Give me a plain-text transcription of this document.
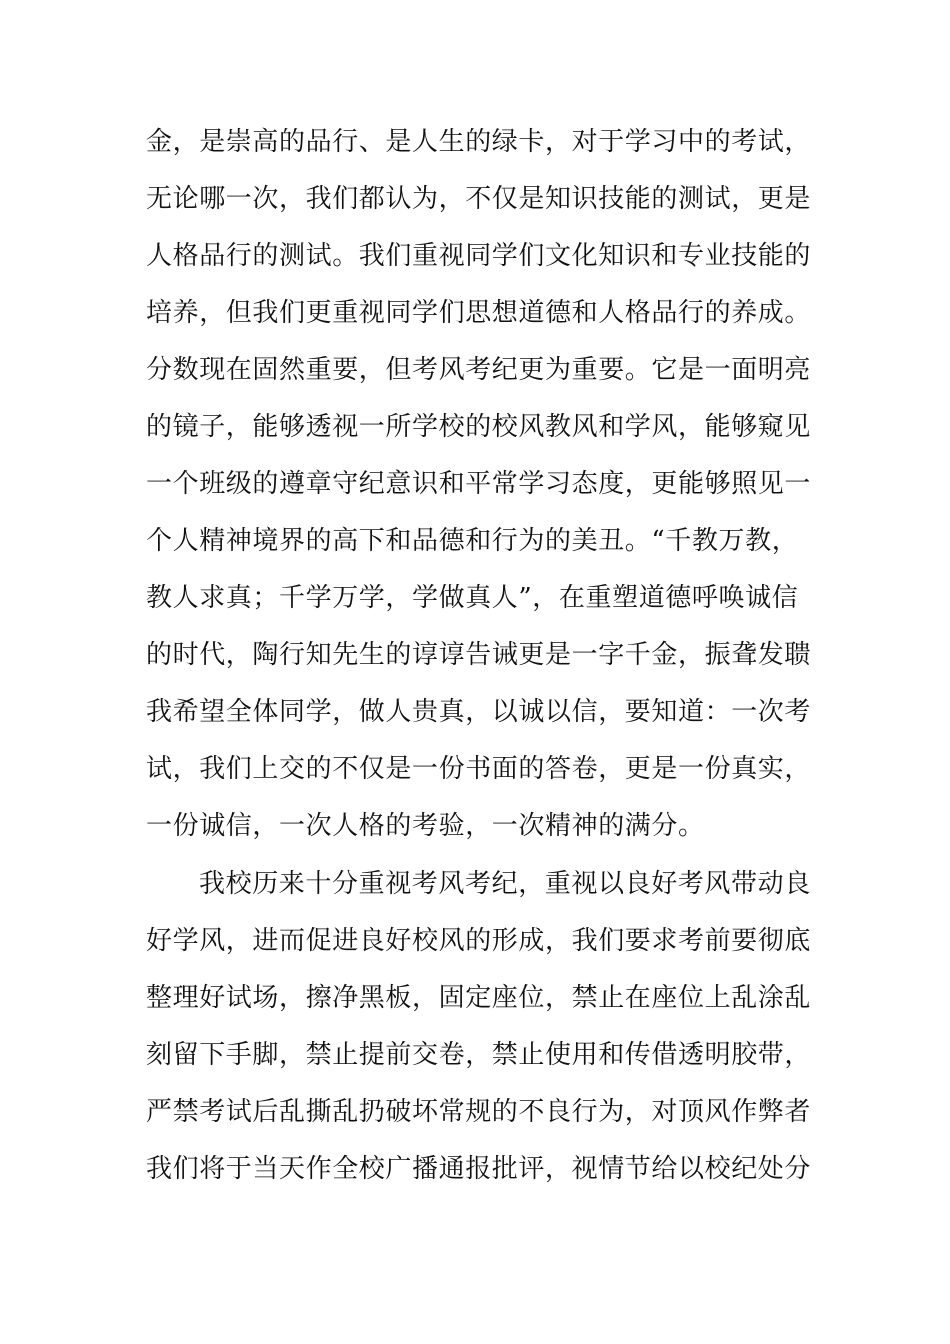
金，是崇高的品行、是人生的绿卡，对于学习中的考试，
无论哪一次，我们都认为，不仅是知识技能的测试，更是
人格品行的测试。我们重视同学们文化知识和专业技能的
培养，但我们更重视同学们思想道德和人格品行的养成。
分数现在固然重要，但考风考纪更为重要。它是一面明亮
的镜子，能够透视一所学校的校风教风和学风，能够窥见
一个班级的遵章守纪意识和平常学习态度，更能够照见一
个人精神境界的高下和品德和行为的美丑。“千教万教，
教人求真；千学万学，学做真人”，在重塑道德呼唤诚信
的时代，陶行知先生的谆谆告诫更是一字千金，振聋发聩
我希望全体同学，做人贵真，以诚以信，要知道：一次考
试，我们上交的不仅是一份书面的答卷，更是一份真实，
一份诚信，一次人格的考验，一次精神的满分。
我校历来十分重视考风考纪，重视以良好考风带动良
好学风，进而促进良好校风的形成，我们要求考前要彻底
整理好试场，擦净黑板，固定座位，禁止在座位上乱涂乱
刻留下手脚，禁止提前交卷，禁止使用和传借透明胶带，
严禁考试后乱撕乱扔破坏常规的不良行为，对顶风作弊者
我们将于当天作全校广播通报批评，视情节给以校纪处分
